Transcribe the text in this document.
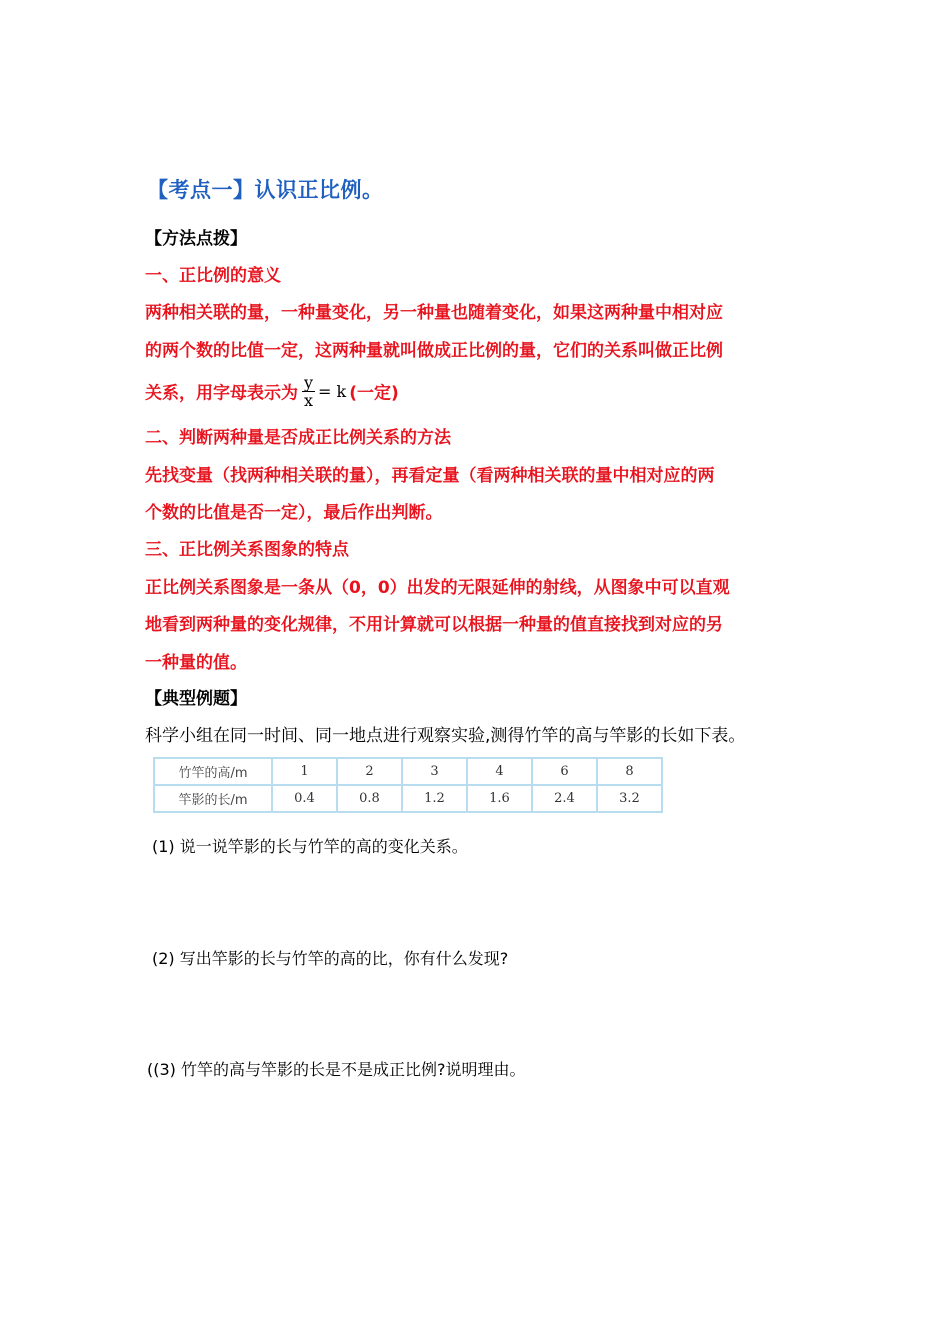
【考点一】认识正比例。
【方法点拨】
一、正比例的意义
两种相关联的量，一种量变化，另一种量也随着变化，如果这两种量中相对应
的两个数的比值一定，这两种量就叫做成正比例的量，它们的关系叫做正比例
关系，用字母表示为 $\frac{y}{x} = k$ (一定)
二、判断两种量是否成正比例关系的方法
先找变量（找两种相关联的量），再看定量（看两种相关联的量中相对应的两
个数的比值是否一定），最后作出判断。
三、正比例关系图象的特点
正比例关系图象是一条从（0，0）出发的无限延伸的射线，从图象中可以直观
地看到两种量的变化规律，不用计算就可以根据一种量的值直接找到对应的另
一种量的值。
【典型例题】
科学小组在同一时间、同一地点进行观察实验,测得竹竿的高与竿影的长如下表。
竹竿的高/m	1	2	3	4	6	8
竿影的长/m	0.4	0.8	1.2	1.6	2.4	3.2
(1) 说一说竿影的长与竹竿的高的变化关系。
(2) 写出竿影的长与竹竿的高的比，你有什么发现?
((3) 竹竿的高与竿影的长是不是成正比例?说明理由。
